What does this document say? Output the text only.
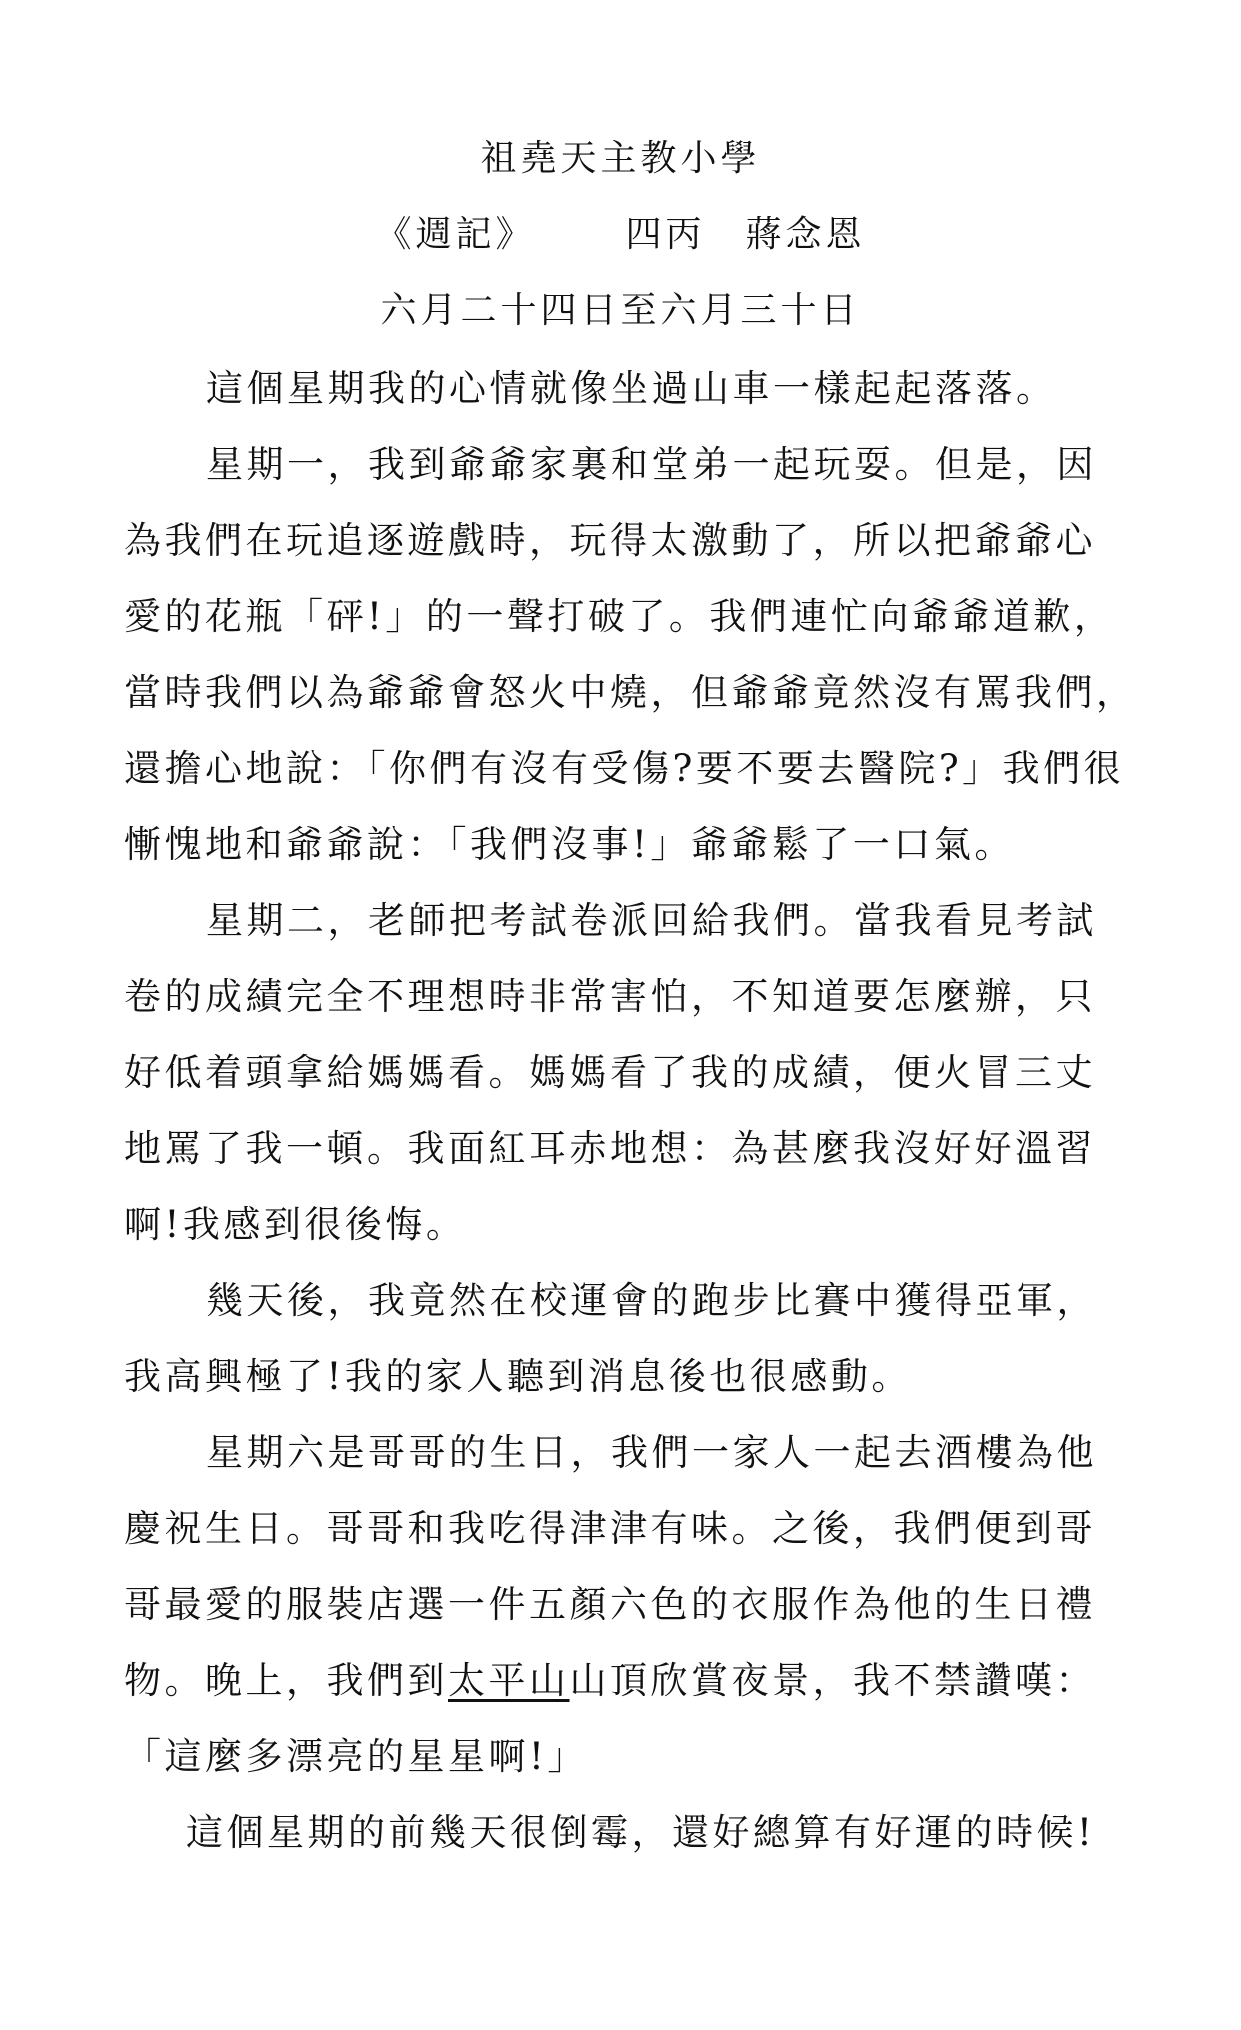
祖堯天主教小學
《週記》	四丙 蔣念恩
六月二十四日至六月三十日
這個星期我的心情就像坐過山車一樣起起落落。
星期一，我到爺爺家裏和堂弟一起玩耍。但是，因
為我們在玩追逐遊戲時，玩得太激動了，所以把爺爺心
愛的花瓶「砰!」的一聲打破了。我們連忙向爺爺道歉，
當時我們以為爺爺會怒火中燒，但爺爺竟然沒有罵我們，
還擔心地說：「你們有沒有受傷?要不要去醫院?」我們很
慚愧地和爺爺說：「我們沒事!」爺爺鬆了一口氣。
星期二，老師把考試卷派回給我們。當我看見考試
卷的成績完全不理想時非常害怕，不知道要怎麼辦，只
好低着頭拿給媽媽看。媽媽看了我的成績，便火冒三丈
地罵了我一頓。我面紅耳赤地想：為甚麼我沒好好溫習
啊!我感到很後悔。
幾天後，我竟然在校運會的跑步比賽中獲得亞軍，
我高興極了!我的家人聽到消息後也很感動。
星期六是哥哥的生日，我們一家人一起去酒樓為他
慶祝生日。哥哥和我吃得津津有味。之後，我們便到哥
哥最愛的服裝店選一件五顏六色的衣服作為他的生日禮
物。晚上，我們到太平山山頂欣賞夜景，我不禁讚嘆：
「這麼多漂亮的星星啊!」
這個星期的前幾天很倒霉，還好總算有好運的時候!
